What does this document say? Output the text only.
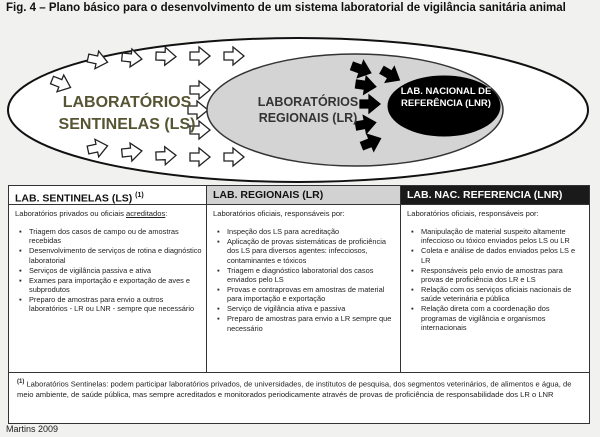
Fig. 4 – Plano básico para o desenvolvimento de um sistema laboratorial de vigilância sanitária animal
LABORATÓRIOS SENTINELAS (LS)
LABORATÓRIOS REGIONAIS (LR)
LAB. NACIONAL DE REFERÊNCIA (LNR)
LAB. SENTINELAS (LS) $^{(1)}$
Laboratórios privados ou oficiais acreditados:
▪ Triagem dos casos de campo ou de amostras recebidas
▪ Desenvolvimento de serviços de rotina e diagnóstico laboratorial
▪ Serviços de vigilância passiva e ativa
▪ Exames para importação e exportação de aves e subprodutos
▪ Preparo de amostras para envio a outros laboratórios - LR ou LNR - sempre que necessário
LAB. REGIONAIS (LR)
Laboratórios oficiais, responsáveis por:
▪ Inspeção dos LS para acreditação
▪ Aplicação de provas sistemáticas de proficiência dos LS para diversos agentes: infecciosos, contaminantes e tóxicos
▪ Triagem e diagnóstico laboratorial dos casos enviados pelo LS
▪ Provas e contraprovas em amostras de material para importação e exportação
▪ Serviço de vigilância ativa e passiva
▪ Preparo de amostras para envio a LR sempre que necessário
LAB. NAC. REFERENCIA (LNR)
Laboratórios oficiais, responsáveis por:
▪ Manipulação de material suspeito altamente infeccioso ou tóxico enviados pelos LS ou LR
▪ Coleta e análise de dados enviados pelos LS e LR
▪ Responsáveis pelo envio de amostras para provas de proficiência dos LR e LS
▪ Relação com os serviços oficiais nacionais de saúde veterinária e pública
▪ Relação direta com a coordenação dos programas de vigilância e organismos internacionais
$^{(1)}$ Laboratórios Sentinelas: podem participar laboratórios privados, de universidades, de institutos de pesquisa, dos segmentos veterinários, de alimentos e água, de meio ambiente, de saúde pública, mas sempre acreditados e monitorados periodicamente através de provas de proficiência de responsabilidade dos LR o LNR
Martins 2009
